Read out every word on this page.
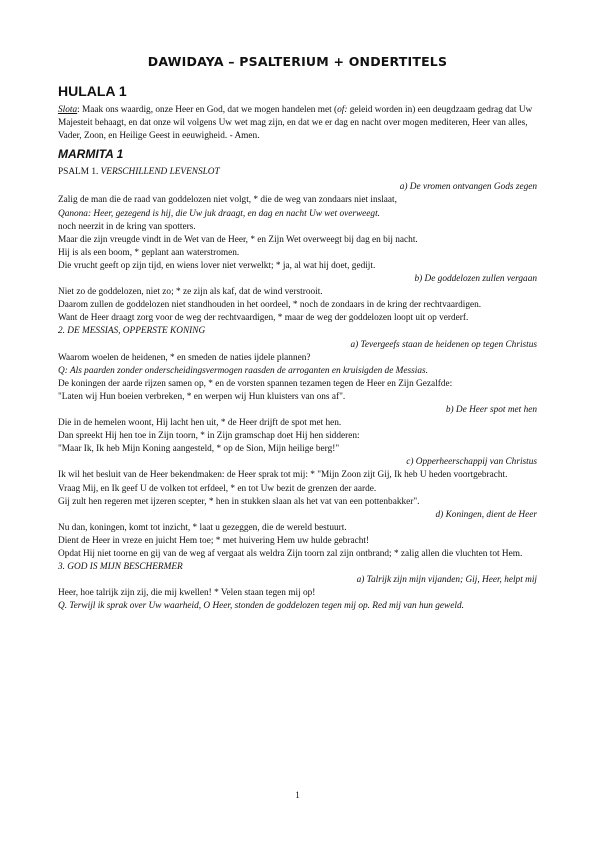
DAWIDAYA – PSALTERIUM + ONDERTITELS
HULALA 1

Slota: Maak ons waardig, onze Heer en God, dat we mogen handelen met (of: geleid worden in) een deugdzaam gedrag dat Uw Majesteit behaagt, en dat onze wil volgens Uw wet mag zijn, en dat we er dag en nacht over mogen mediteren, Heer van alles, Vader, Zoon, en Heilige Geest in eeuwigheid. - Amen.

MARMITA 1

PSALM 1. VERSCHILLEND LEVENSLOT

a) De vromen ontvangen Gods zegen

Zalig de man die de raad van goddelozen niet volgt, * die de weg van zondaars niet inslaat,

Qanona: Heer, gezegend is hij, die Uw juk draagt, en dag en nacht Uw wet overweegt.

noch neerzit in de kring van spotters.

Maar die zijn vreugde vindt in de Wet van de Heer, * en Zijn Wet overweegt bij dag en bij nacht.

Hij is als een boom, * geplant aan waterstromen.

Die vrucht geeft op zijn tijd, en wiens lover niet verwelkt; * ja, al wat hij doet, gedijt.

b) De goddelozen zullen vergaan

Niet zo de goddelozen, niet zo; * ze zijn als kaf, dat de wind verstrooit.

Daarom zullen de goddelozen niet standhouden in het oordeel, * noch de zondaars in de kring der rechtvaardigen.

Want de Heer draagt zorg voor de weg der rechtvaardigen, * maar de weg der goddelozen loopt uit op verderf.

2. DE MESSIAS, OPPERSTE KONING

a) Tevergeefs staan de heidenen op tegen Christus

Waarom woelen de heidenen, * en smeden de naties ijdele plannen?

Q: Als paarden zonder onderscheidingsvermogen raasden de arroganten en kruisigden de Messias.

De koningen der aarde rijzen samen op, * en de vorsten spannen tezamen tegen de Heer en Zijn Gezalfde:

"Laten wij Hun boeien verbreken, * en werpen wij Hun kluisters van ons af".

b) De Heer spot met hen

Die in de hemelen woont, Hij lacht hen uit, * de Heer drijft de spot met hen.

Dan spreekt Hij hen toe in Zijn toorn, * in Zijn gramschap doet Hij hen sidderen:

"Maar Ik, Ik heb Mijn Koning aangesteld, * op de Sion, Mijn heilige berg!"

c) Opperheerschappij van Christus

Ik wil het besluit van de Heer bekendmaken: de Heer sprak tot mij: * "Mijn Zoon zijt Gij, Ik heb U heden voortgebracht.

Vraag Mij, en Ik geef U de volken tot erfdeel, * en tot Uw bezit de grenzen der aarde.

Gij zult hen regeren met ijzeren scepter, * hen in stukken slaan als het vat van een pottenbakker".

d) Koningen, dient de Heer

Nu dan, koningen, komt tot inzicht, * laat u gezeggen, die de wereld bestuurt.

Dient de Heer in vreze en juicht Hem toe; * met huivering Hem uw hulde gebracht!

Opdat Hij niet toorne en gij van de weg af vergaat als weldra Zijn toorn zal zijn ontbrand; * zalig allen die vluchten tot Hem.

3. GOD IS MIJN BESCHERMER

a) Talrijk zijn mijn vijanden; Gij, Heer, helpt mij

Heer, hoe talrijk zijn zij, die mij kwellen! * Velen staan tegen mij op!

Q. Terwijl ik sprak over Uw waarheid, O Heer, stonden de goddelozen tegen mij op. Red mij van hun geweld.

1
